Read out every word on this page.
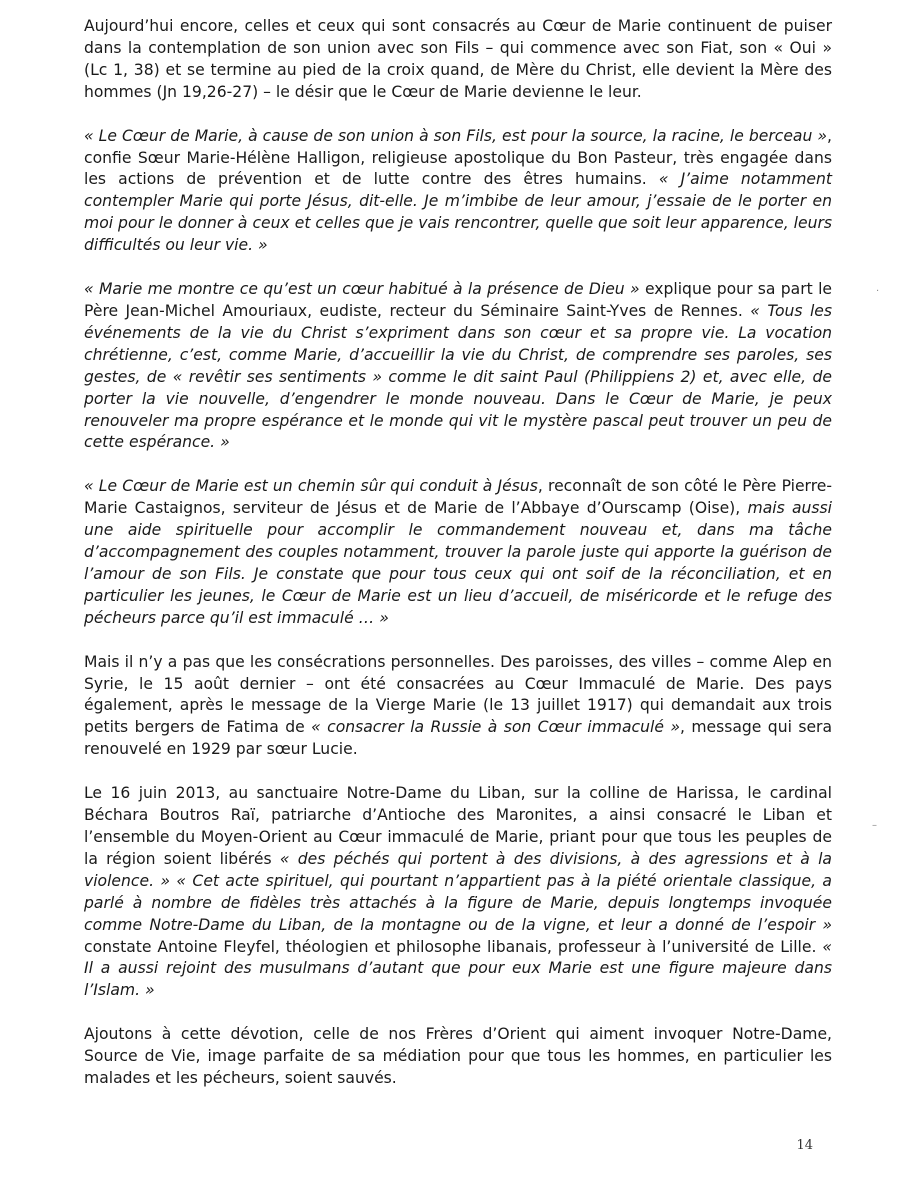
Aujourd’hui encore, celles et ceux qui sont consacrés au Cœur de Marie continuent de puiser dans la contemplation de son union avec son Fils – qui commence avec son Fiat, son « Oui » (Lc 1, 38) et se termine au pied de la croix quand, de Mère du Christ, elle devient la Mère des hommes (Jn 19,26-27) – le désir que le Cœur de Marie devienne le leur.

« Le Cœur de Marie, à cause de son union à son Fils, est pour la source, la racine, le berceau », confie Sœur Marie-Hélène Halligon, religieuse apostolique du Bon Pasteur, très engagée dans les actions de prévention et de lutte contre des êtres humains. « J’aime notamment contempler Marie qui porte Jésus, dit-elle. Je m’imbibe de leur amour, j’essaie de le porter en moi pour le donner à ceux et celles que je vais rencontrer, quelle que soit leur apparence, leurs difficultés ou leur vie. »

« Marie me montre ce qu’est un cœur habitué à la présence de Dieu » explique pour sa part le Père Jean-Michel Amouriaux, eudiste, recteur du Séminaire Saint-Yves de Rennes. « Tous les événements de la vie du Christ s’expriment dans son cœur et sa propre vie. La vocation chrétienne, c’est, comme Marie, d’accueillir la vie du Christ, de comprendre ses paroles, ses gestes, de « revêtir ses sentiments » comme le dit saint Paul (Philippiens 2) et, avec elle, de porter la vie nouvelle, d’engendrer le monde nouveau. Dans le Cœur de Marie, je peux renouveler ma propre espérance et le monde qui vit le mystère pascal peut trouver un peu de cette espérance. »

« Le Cœur de Marie est un chemin sûr qui conduit à Jésus, reconnaît de son côté le Père Pierre-Marie Castaignos, serviteur de Jésus et de Marie de l’Abbaye d’Ourscamp (Oise), mais aussi une aide spirituelle pour accomplir le commandement nouveau et, dans ma tâche d’accompagnement des couples notamment, trouver la parole juste qui apporte la guérison de l’amour de son Fils. Je constate que pour tous ceux qui ont soif de la réconciliation, et en particulier les jeunes, le Cœur de Marie est un lieu d’accueil, de miséricorde et le refuge des pécheurs parce qu’il est immaculé … »

Mais il n’y a pas que les consécrations personnelles. Des paroisses, des villes – comme Alep en Syrie, le 15 août dernier – ont été consacrées au Cœur Immaculé de Marie. Des pays également, après le message de la Vierge Marie (le 13 juillet 1917) qui demandait aux trois petits bergers de Fatima de « consacrer la Russie à son Cœur immaculé », message qui sera renouvelé en 1929 par sœur Lucie.

Le 16 juin 2013, au sanctuaire Notre-Dame du Liban, sur la colline de Harissa, le cardinal Béchara Boutros Raï, patriarche d’Antioche des Maronites, a ainsi consacré le Liban et l’ensemble du Moyen-Orient au Cœur immaculé de Marie, priant pour que tous les peuples de la région soient libérés « des péchés qui portent à des divisions, à des agressions et à la violence. » « Cet acte spirituel, qui pourtant n’appartient pas à la piété orientale classique, a parlé à nombre de fidèles très attachés à la figure de Marie, depuis longtemps invoquée comme Notre-Dame du Liban, de la montagne ou de la vigne, et leur a donné de l’espoir » constate Antoine Fleyfel, théologien et philosophe libanais, professeur à l’université de Lille. « Il a aussi rejoint des musulmans d’autant que pour eux Marie est une figure majeure dans l’Islam. »

Ajoutons à cette dévotion, celle de nos Frères d’Orient qui aiment invoquer Notre-Dame, Source de Vie, image parfaite de sa médiation pour que tous les hommes, en particulier les malades et les pécheurs, soient sauvés.

14
·
–
